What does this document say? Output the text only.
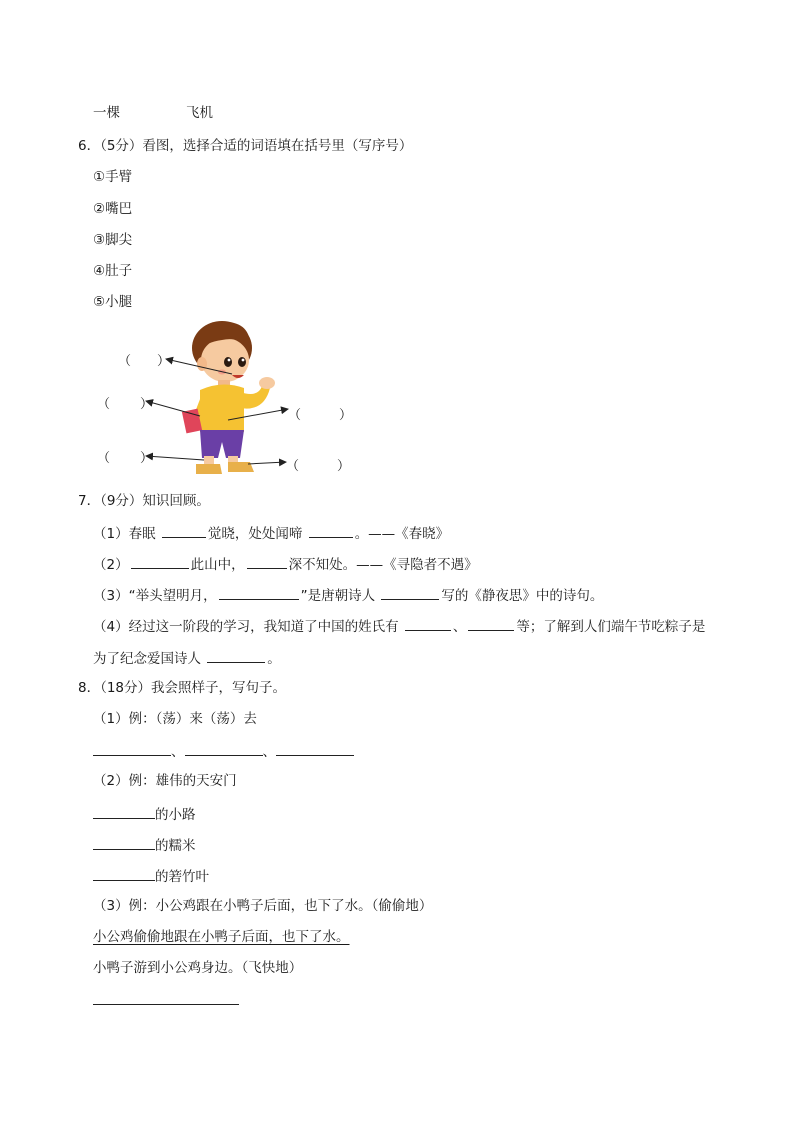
一棵	飞机
6．（5分）看图，选择合适的词语填在括号里（写序号）
①手臂
②嘴巴
③脚尖
④肚子
⑤小腿
（ ）
（ ）
（	）
（ ）
（	）
7．（9分）知识回顾。
（1）春眠	觉晓，处处闻啼	。——《春晓》
（2）	此山中，	深不知处。——《寻隐者不遇》
（3）“举头望明月，	”是唐朝诗人	写的《静夜思》中的诗句。
（4）经过这一阶段的学习，我知道了中国的姓氏有	、	等；了解到人们端午节吃粽子是
为了纪念爱国诗人	。
8．（18分）我会照样子，写句子。
（1）例：（荡）来（荡）去
、	、
（2）例：雄伟的天安门
的小路
的糯米
的箬竹叶
（3）例：小公鸡跟在小鸭子后面，也下了水。（偷偷地）
小公鸡偷偷地跟在小鸭子后面，也下了水。
小鸭子游到小公鸡身边。（飞快地）
